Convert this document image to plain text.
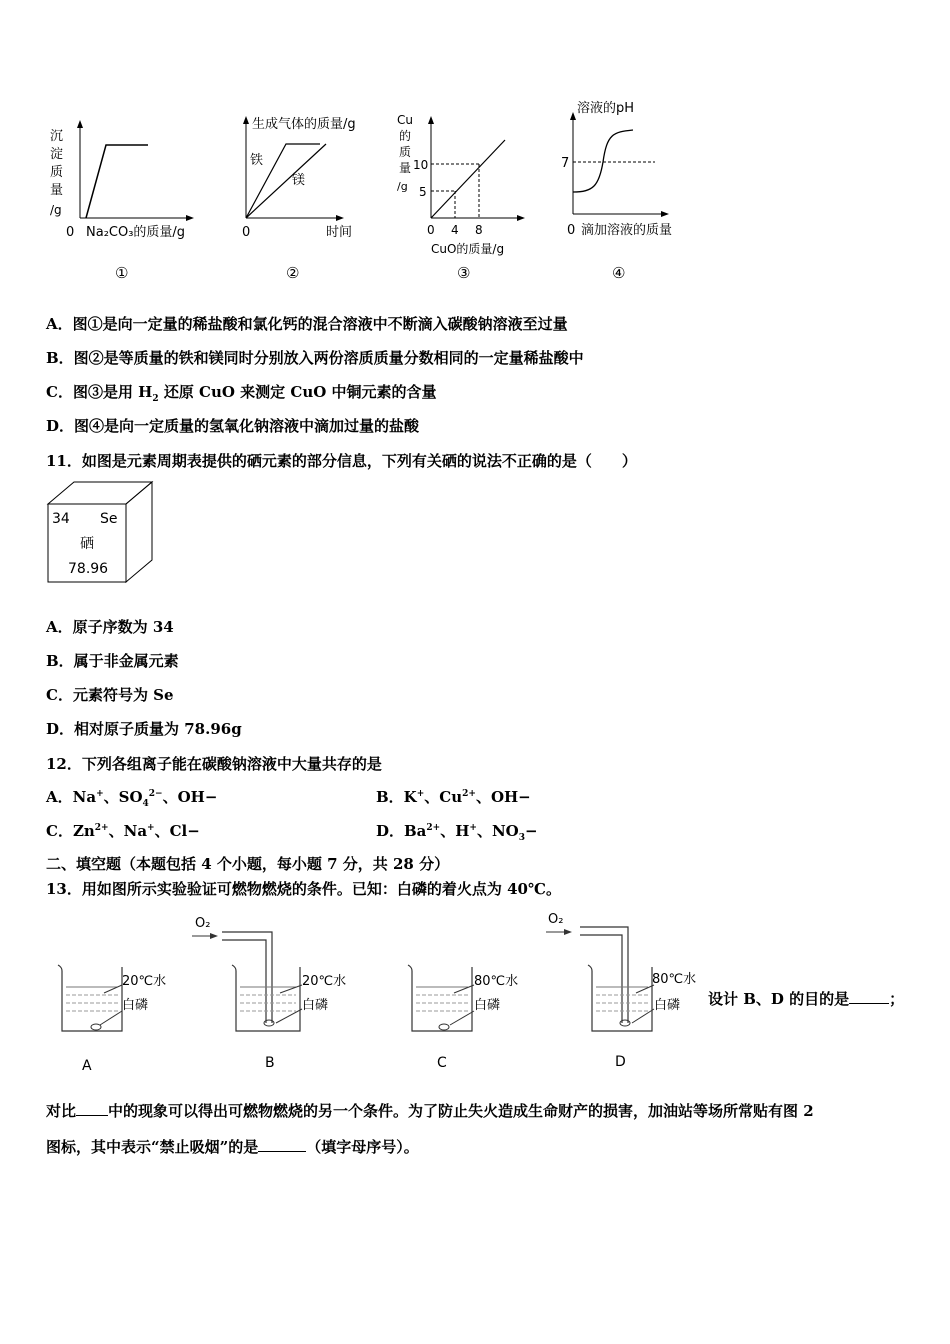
沉
淀
质
量
/g
0 Na₂CO₃的质量/g
①
生成气体的质量/g
铁
镁
0	时间
②
Cu
的
质
量
/g
10
5
0 4 8
CuO的质量/g
③
溶液的pH
7
0 滴加溶液的质量
④
A．图①是向一定量的稀盐酸和氯化钙的混合溶液中不断滴入碳酸钠溶液至过量
B．图②是等质量的铁和镁同时分别放入两份溶质质量分数相同的一定量稀盐酸中
C．图③是用 $H_2$ 还原 CuO 来测定 CuO 中铜元素的含量
D．图④是向一定质量的氢氧化钠溶液中滴加过量的盐酸
11．如图是元素周期表提供的硒元素的部分信息，下列有关硒的说法不正确的是（　　）
34 Se
硒
78.96
A．原子序数为 34
B．属于非金属元素
C．元素符号为 Se
D．相对原子质量为 78.96g
12．下列各组离子能在碳酸钠溶液中大量共存的是
A．Na+、$SO_4^{2-}$、OH−	B．K+、$Cu^{2+}$、OH−
C．$Zn^{2+}$、Na+、Cl−	D．$Ba^{2+}$、H+、$NO_3-$
二、填空题（本题包括 4 个小题，每小题 7 分，共 28 分）
13．用如图所示实验验证可燃物燃烧的条件。已知：白磷的着火点为 40℃。
20℃水
白磷
A
O₂
20℃水
白磷
B
80℃水
白磷
C
O₂
80℃水
白磷
D
设计 B、D 的目的是	；
对比 中的现象可以得出可燃物燃烧的另一个条件。为了防止失火造成生命财产的损害，加油站等场所常贴有图 2
图标，其中表示“禁止吸烟”的是	（填字母序号）。
